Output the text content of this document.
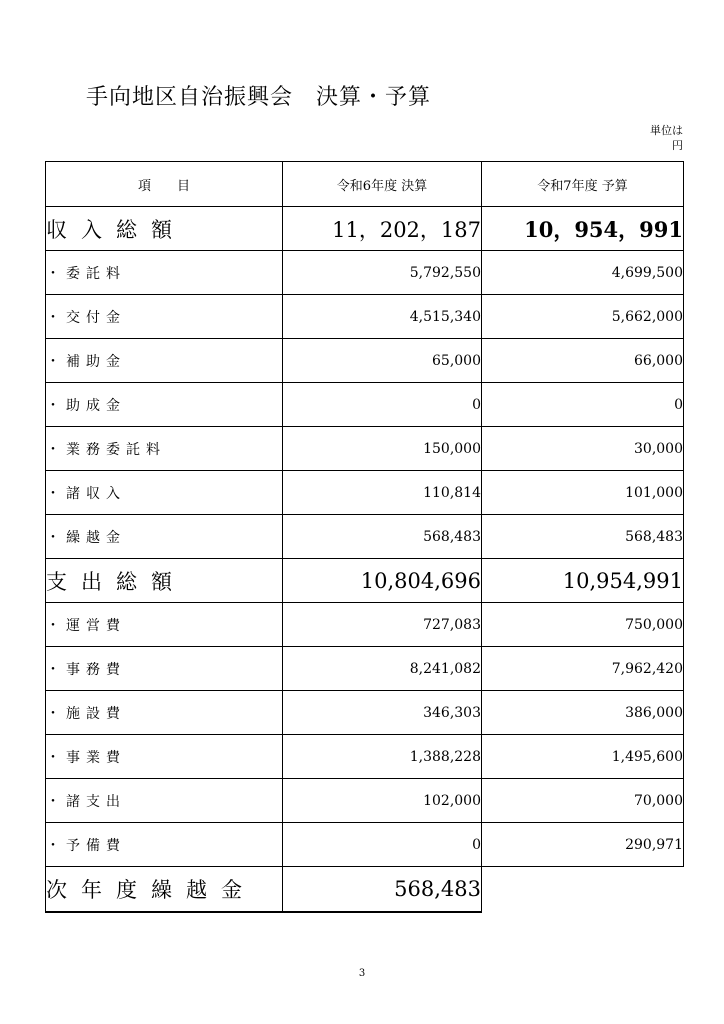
手向地区自治振興会　決算・予算
単位は
円
項　　目	令和6年度 決算	令和7年度 予算
収入総額	11，202，187	10，954，991
・委託料	5,792,550	4,699,500
・交付金	4,515,340	5,662,000
・補助金	65,000	66,000
・助成金	0	0
・業務委託料	150,000	30,000
・諸収入	110,814	101,000
・繰越金	568,483	568,483
支出総額	10,804,696	10,954,991
・運営費	727,083	750,000
・事務費	8,241,082	7,962,420
・施設費	346,303	386,000
・事業費	1,388,228	1,495,600
・諸支出	102,000	70,000
・予備費	0	290,971
次年度繰越金	568,483	
3
